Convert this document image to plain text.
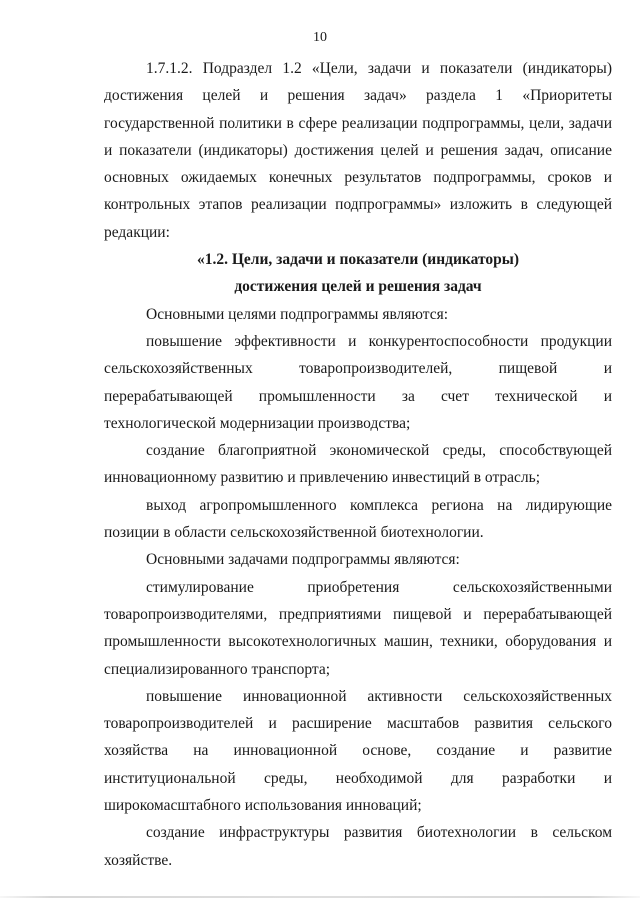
10

1.7.1.2. Подраздел 1.2 «Цели, задачи и показатели (индикаторы) достижения целей и решения задач» раздела 1 «Приоритеты государственной политики в сфере реализации подпрограммы, цели, задачи и показатели (индикаторы) достижения целей и решения задач, описание основных ожидаемых конечных результатов подпрограммы, сроков и контрольных этапов реализации подпрограммы» изложить в следующей редакции:

«1.2. Цели, задачи и показатели (индикаторы)

достижения целей и решения задач

Основными целями подпрограммы являются:

повышение эффективности и конкурентоспособности продукции сельскохозяйственных товаропроизводителей, пищевой и перерабатывающей промышленности за счет технической и технологической модернизации производства;

создание благоприятной экономической среды, способствующей инновационному развитию и привлечению инвестиций в отрасль;

выход агропромышленного комплекса региона на лидирующие позиции в области сельскохозяйственной биотехнологии.

Основными задачами подпрограммы являются:

стимулирование приобретения сельскохозяйственными товаропроизводителями, предприятиями пищевой и перерабатывающей промышленности высокотехнологичных машин, техники, оборудования и специализированного транспорта;

повышение инновационной активности сельскохозяйственных товаропроизводителей и расширение масштабов развития сельского хозяйства на инновационной основе, создание и развитие институциональной среды, необходимой для разработки и широкомасштабного использования инноваций;

создание инфраструктуры развития биотехнологии в сельском хозяйстве.
